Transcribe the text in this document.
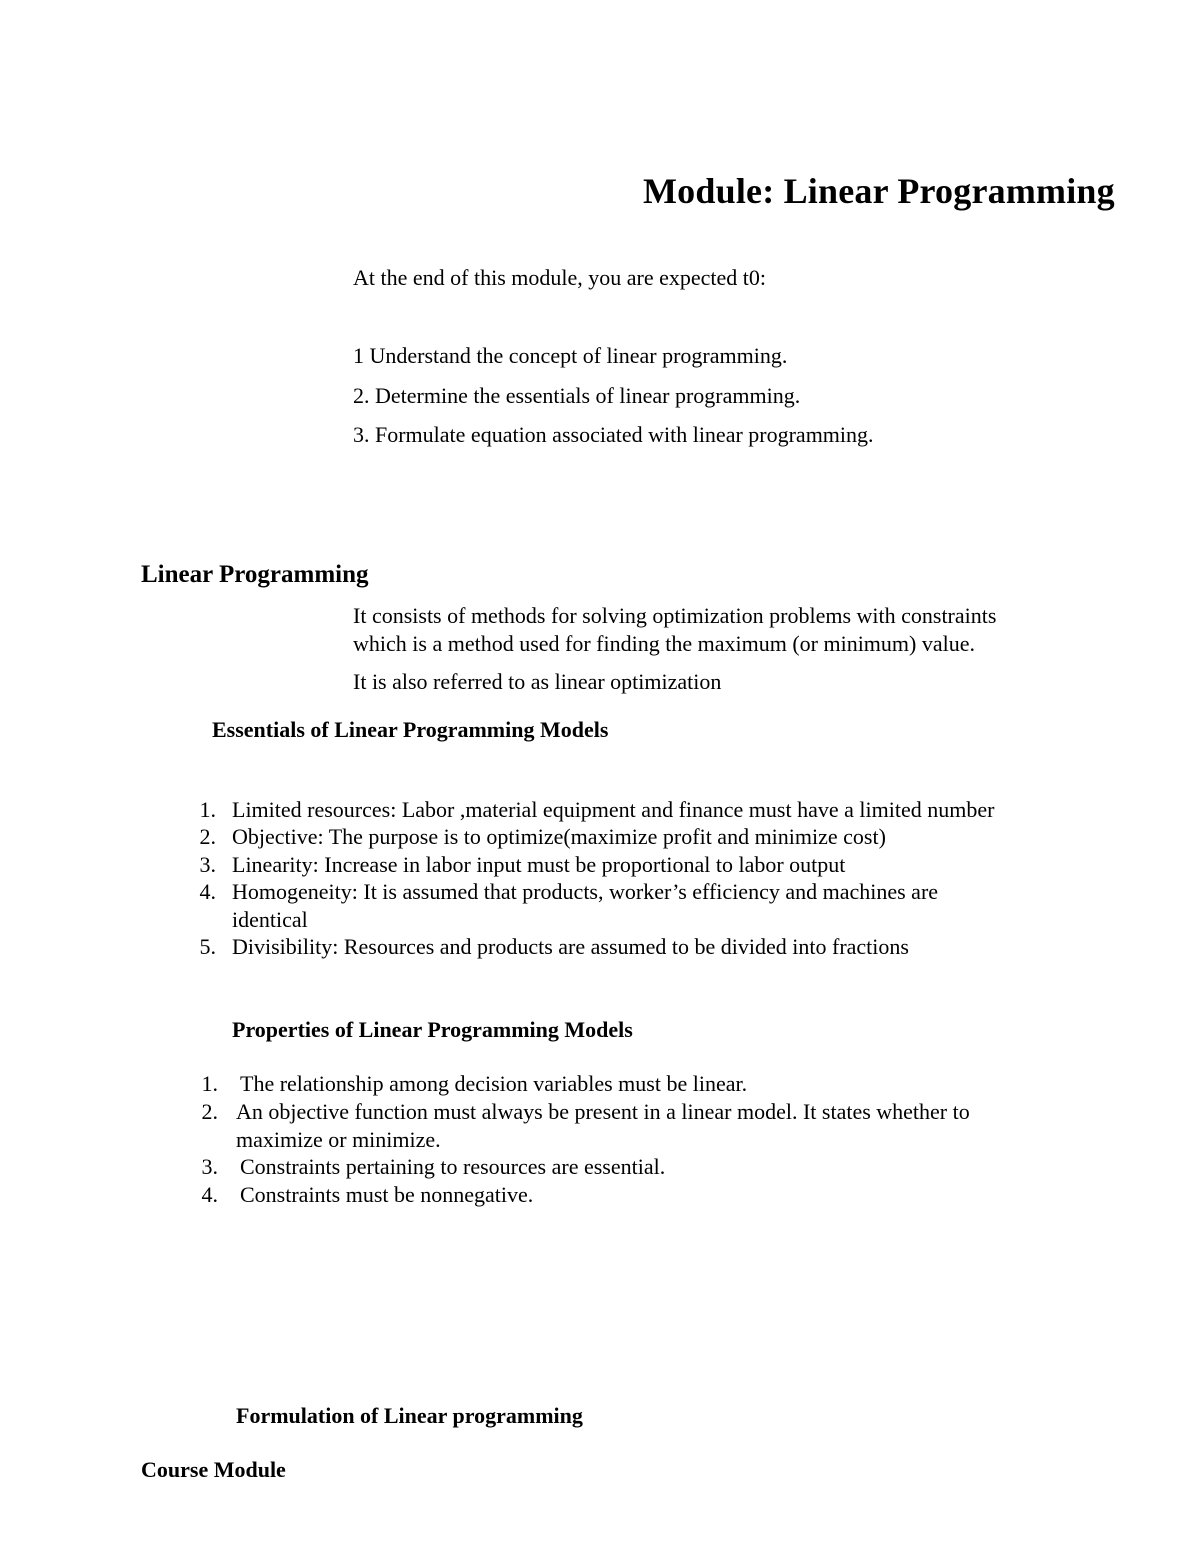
Module: Linear Programming
At the end of this module, you are expected t0:
1 Understand the concept of linear programming.
2. Determine the essentials of linear programming.
3. Formulate equation associated with linear programming.
Linear Programming
It consists of methods for solving optimization problems with constraints
which is a method used for finding the maximum (or minimum) value.
It is also referred to as linear optimization
Essentials of Linear Programming Models
1. Limited resources: Labor ,material equipment and finance must have a limited number
2. Objective: The purpose is to optimize(maximize profit and minimize cost)
3. Linearity: Increase in labor input must be proportional to labor output
4. Homogeneity: It is assumed that products, worker’s efficiency and machines are
identical
5. Divisibility: Resources and products are assumed to be divided into fractions
Properties of Linear Programming Models
1. The relationship among decision variables must be linear.
2. An objective function must always be present in a linear model. It states whether to
maximize or minimize.
3. Constraints pertaining to resources are essential.
4. Constraints must be nonnegative.
Formulation of Linear programming
Course Module
